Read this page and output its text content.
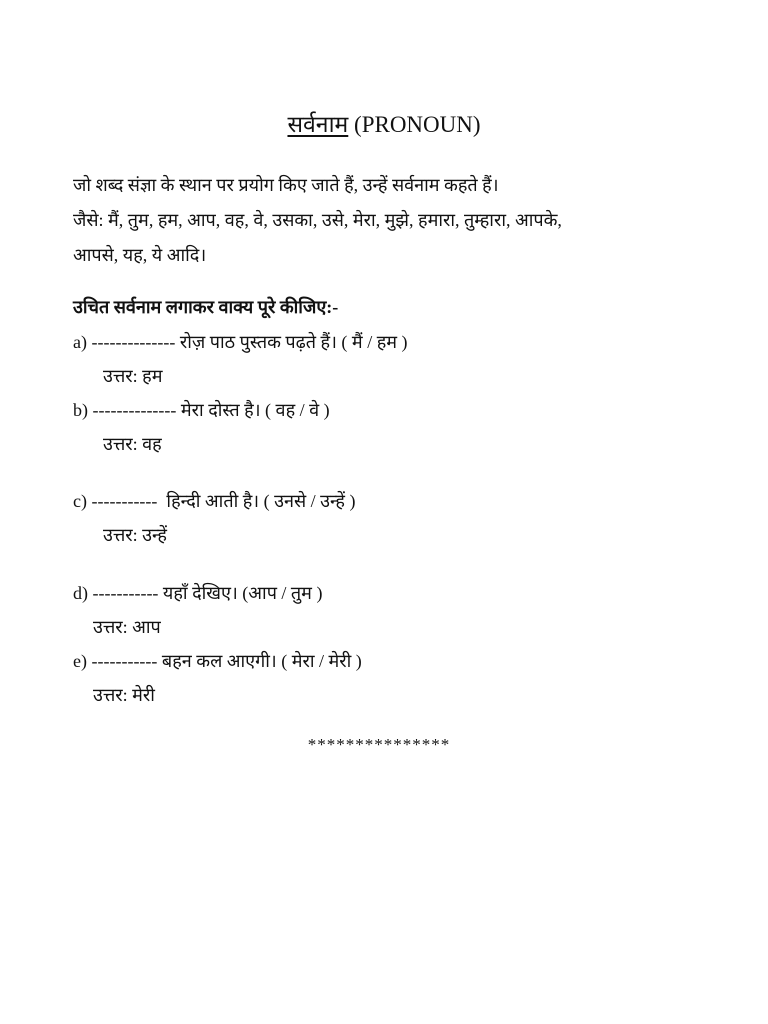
सर्वनाम (PRONOUN)

जो शब्द संज्ञा के स्थान पर प्रयोग किए जाते हैं, उन्हें सर्वनाम कहते हैं।

जैसे: मैं, तुम, हम, आप, वह, वे, उसका, उसे, मेरा, मुझे, हमारा, तुम्हारा, आपके,

आपसे, यह, ये आदि।

उचित सर्वनाम लगाकर वाक्य पूरे कीजिए:-
a) -------------- रोज़ पाठ पुस्तक पढ़ते हैं। ( मैं / हम )
उत्तर: हम
b) -------------- मेरा दोस्त है। ( वह / वे )
उत्तर: वह
c) -----------  हिन्दी आती है। ( उनसे / उन्हें )
उत्तर: उन्हें
d) ----------- यहाँ देखिए। (आप / तुम )
उत्तर: आप
e) ----------- बहन कल आएगी। ( मेरा / मेरी )
उत्तर: मेरी
***************
